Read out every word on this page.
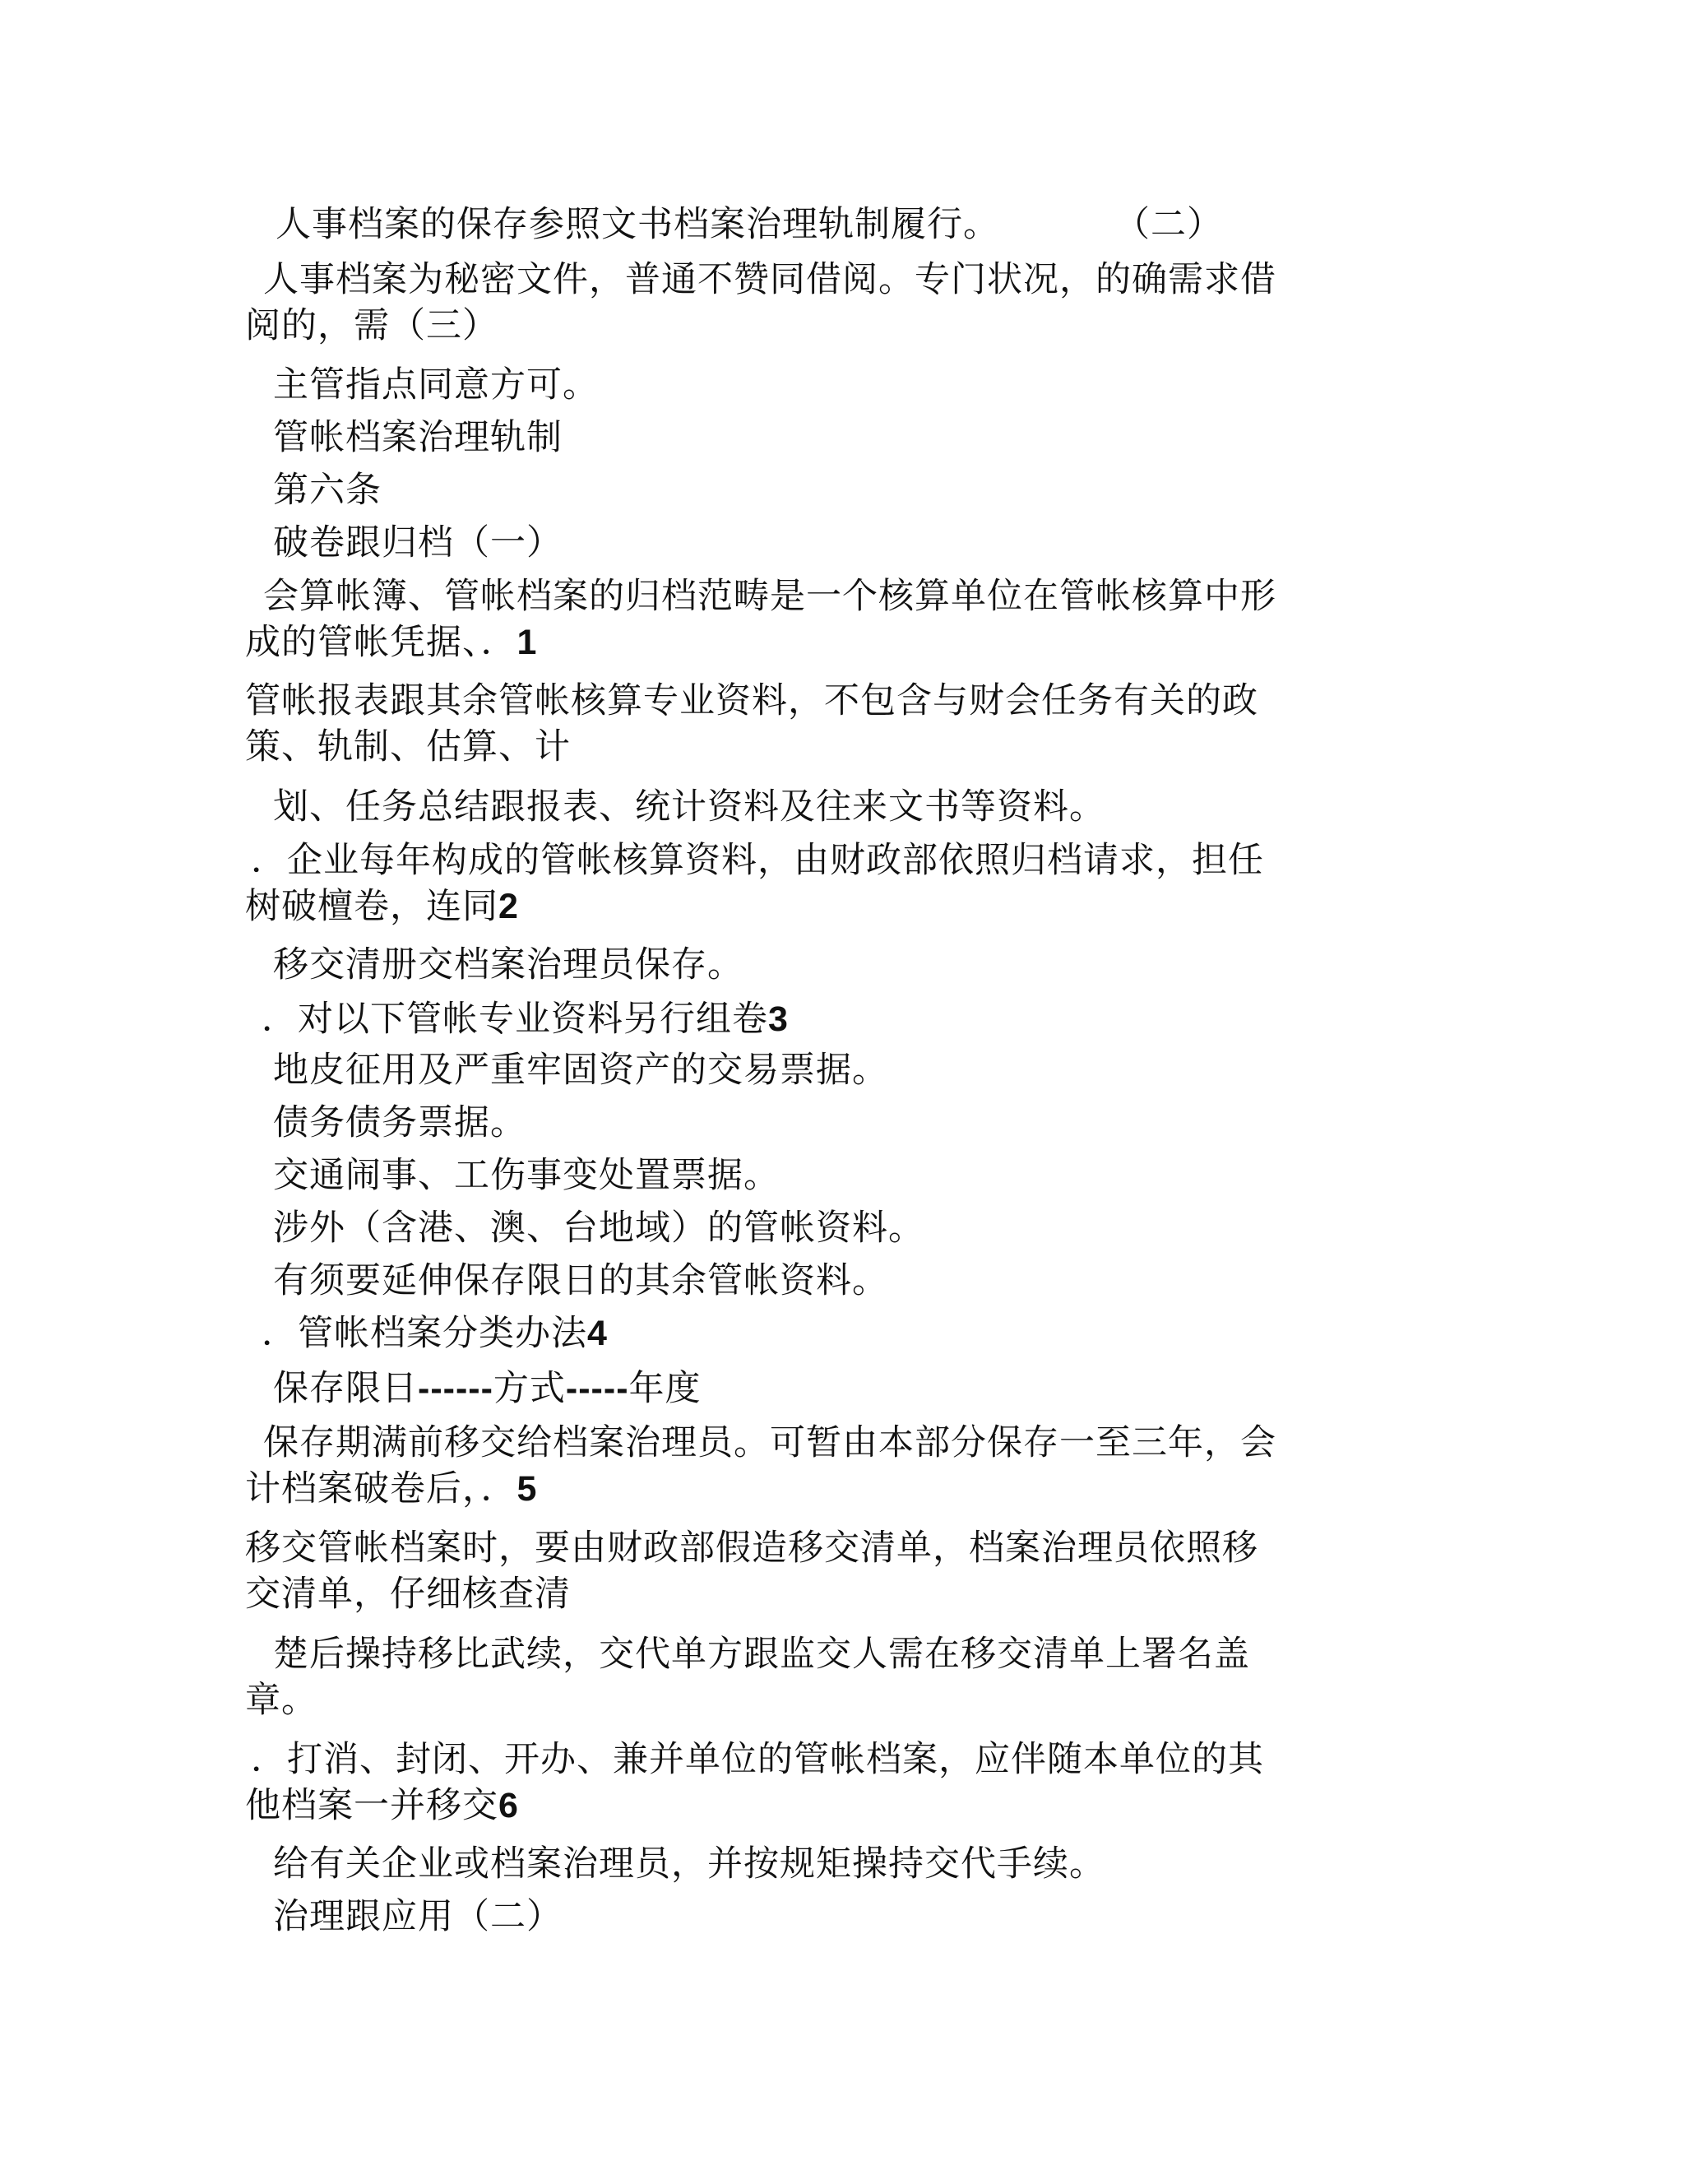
人事档案的保存参照文书档案治理轨制履行。	（二）

人事档案为秘密文件，普通不赞同借阅。专门状况，的确需求借

阅的，需（三）

主管指点同意方可。

管帐档案治理轨制

第六条

破卷跟归档（一）

会算帐簿、管帐档案的归档范畴是一个核算单位在管帐核算中形

成的管帐凭据、．1

管帐报表跟其余管帐核算专业资料，不包含与财会任务有关的政

策、轨制、估算、计

划、任务总结跟报表、统计资料及往来文书等资料。

．企业每年构成的管帐核算资料，由财政部依照归档请求，担任

树破檀卷，连同2

移交清册交档案治理员保存。

．对以下管帐专业资料另行组卷3

地皮征用及严重牢固资产的交易票据。

债务债务票据。

交通闹事、工伤事变处置票据。

涉外（含港、澳、台地域）的管帐资料。

有须要延伸保存限日的其余管帐资料。

．管帐档案分类办法4

保存限日------方式-----年度

保存期满前移交给档案治理员。可暂由本部分保存一至三年，会

计档案破卷后，．5

移交管帐档案时，要由财政部假造移交清单，档案治理员依照移

交清单，仔细核查清

楚后操持移比武续，交代单方跟监交人需在移交清单上署名盖

章。

．打消、封闭、开办、兼并单位的管帐档案，应伴随本单位的其

他档案一并移交6

给有关企业或档案治理员，并按规矩操持交代手续。

治理跟应用（二）
